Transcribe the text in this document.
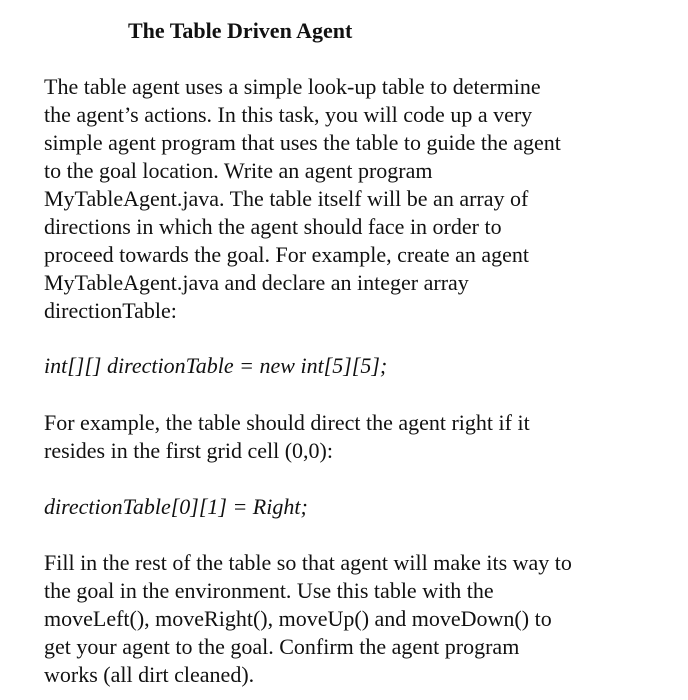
The Table Driven Agent

The table agent uses a simple look-up table to determine
the agent’s actions. In this task, you will code up a very
simple agent program that uses the table to guide the agent
to the goal location. Write an agent program
MyTableAgent.java. The table itself will be an array of
directions in which the agent should face in order to
proceed towards the goal. For example, create an agent
MyTableAgent.java and declare an integer array
directionTable:

int[][] directionTable = new int[5][5];

For example, the table should direct the agent right if it
resides in the first grid cell (0,0):

directionTable[0][1] = Right;

Fill in the rest of the table so that agent will make its way to
the goal in the environment. Use this table with the
moveLeft(), moveRight(), moveUp() and moveDown() to
get your agent to the goal. Confirm the agent program
works (all dirt cleaned).
